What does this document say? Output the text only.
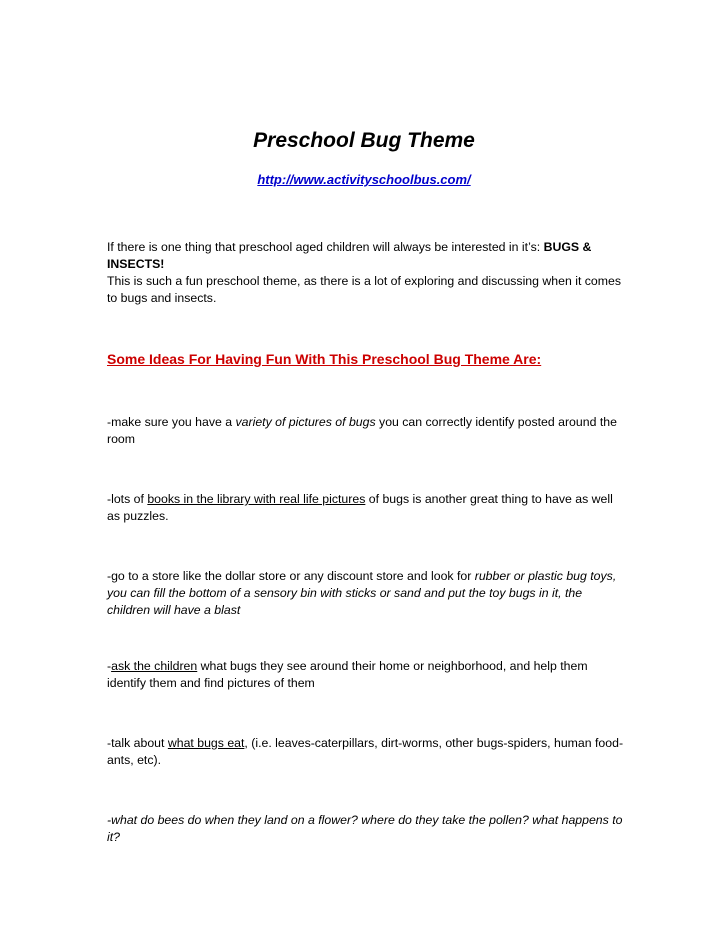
Preschool Bug Theme
http://www.activityschoolbus.com/

If there is one thing that preschool aged children will always be interested in it’s: BUGS & INSECTS!
This is such a fun preschool theme, as there is a lot of exploring and discussing when it comes to bugs and insects.

Some Ideas For Having Fun With This Preschool Bug Theme Are:

-make sure you have a variety of pictures of bugs you can correctly identify posted around the room

-lots of books in the library with real life pictures of bugs is another great thing to have as well as puzzles.

-go to a store like the dollar store or any discount store and look for rubber or plastic bug toys, you can fill the bottom of a sensory bin with sticks or sand and put the toy bugs in it, the children will have a blast

-ask the children what bugs they see around their home or neighborhood, and help them identify them and find pictures of them

-talk about what bugs eat, (i.e. leaves-caterpillars, dirt-worms, other bugs-spiders, human food-ants, etc).

-what do bees do when they land on a flower? where do they take the pollen? what happens to it?
